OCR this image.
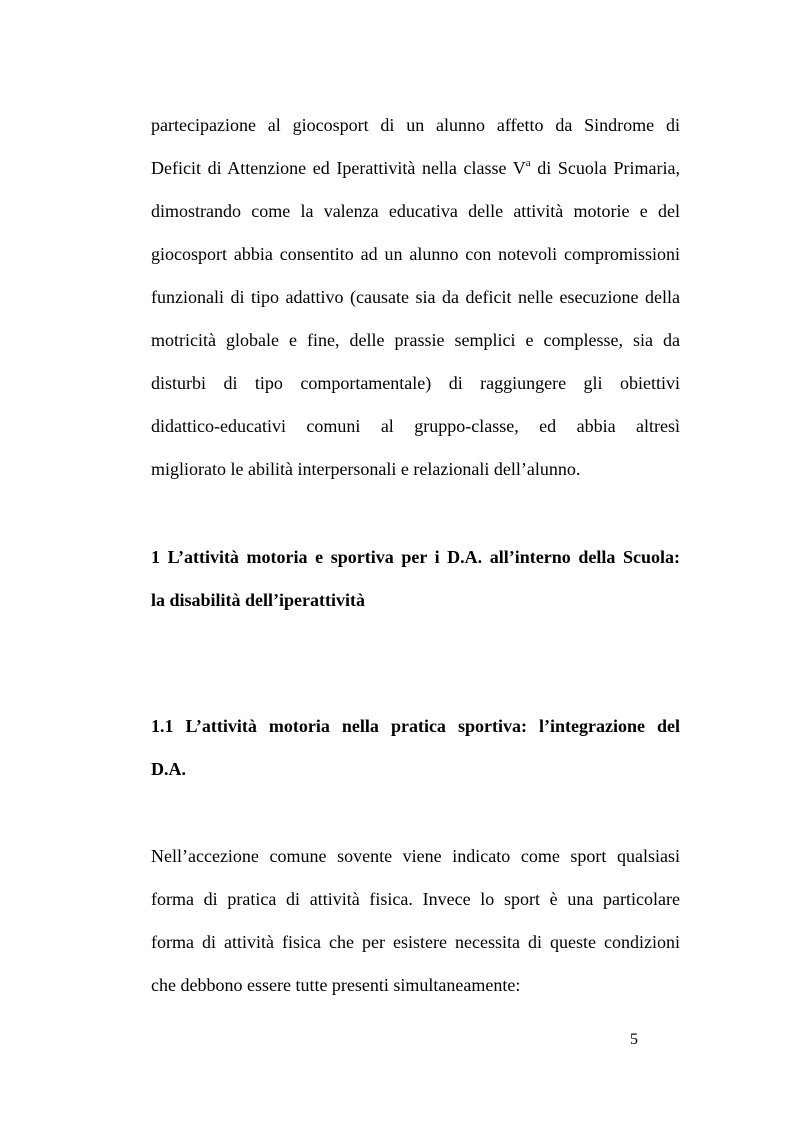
partecipazione al giocosport di un alunno affetto da Sindrome di

Deficit di Attenzione ed Iperattività nella classe $V^a$ di Scuola Primaria,

dimostrando come la valenza educativa delle attività motorie e del

giocosport abbia consentito ad un alunno con notevoli compromissioni

funzionali di tipo adattivo (causate sia da deficit nelle esecuzione della

motricità globale e fine, delle prassie semplici e complesse, sia da

disturbi di tipo comportamentale) di raggiungere gli obiettivi

didattico-educativi comuni al gruppo-classe, ed abbia altresì

migliorato le abilità interpersonali e relazionali dell’alunno.

1 L’attività motoria e sportiva per i D.A. all’interno della Scuola:

la disabilità dell’iperattività

1.1 L’attività motoria nella pratica sportiva: l’integrazione del

D.A.

Nell’accezione comune sovente viene indicato come sport qualsiasi

forma di pratica di attività fisica. Invece lo sport è una particolare

forma di attività fisica che per esistere necessita di queste condizioni

che debbono essere tutte presenti simultaneamente:

5
